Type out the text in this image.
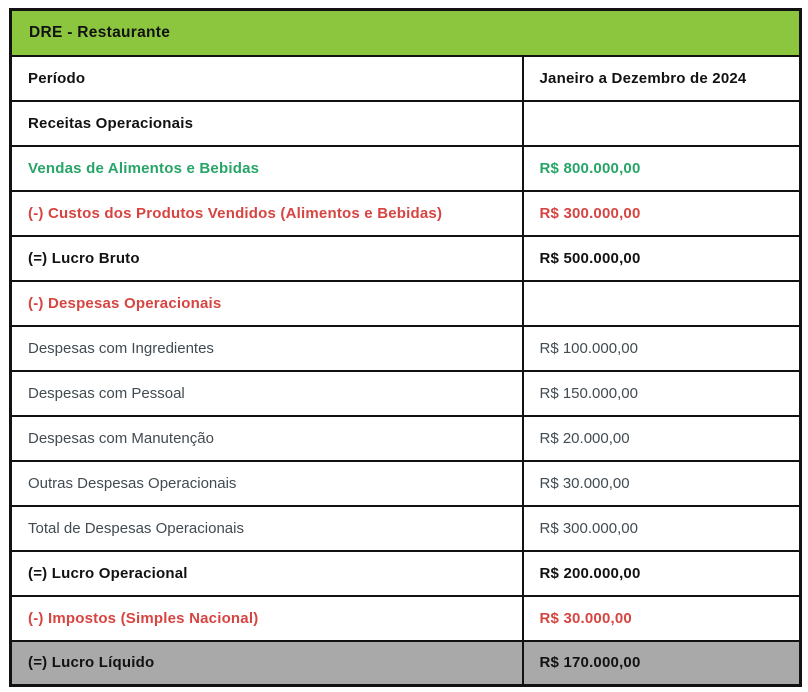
DRE - Restaurante	
Período	Janeiro a Dezembro de 2024
Receitas Operacionais	
Vendas de Alimentos e Bebidas	R$ 800.000,00
(-) Custos dos Produtos Vendidos (Alimentos e Bebidas)	R$ 300.000,00
(=) Lucro Bruto	R$ 500.000,00
(-) Despesas Operacionais	
Despesas com Ingredientes	R$ 100.000,00
Despesas com Pessoal	R$ 150.000,00
Despesas com Manutenção	R$ 20.000,00
Outras Despesas Operacionais	R$ 30.000,00
Total de Despesas Operacionais	R$ 300.000,00
(=) Lucro Operacional	R$ 200.000,00
(-) Impostos (Simples Nacional)	R$ 30.000,00
(=) Lucro Líquido	R$ 170.000,00
